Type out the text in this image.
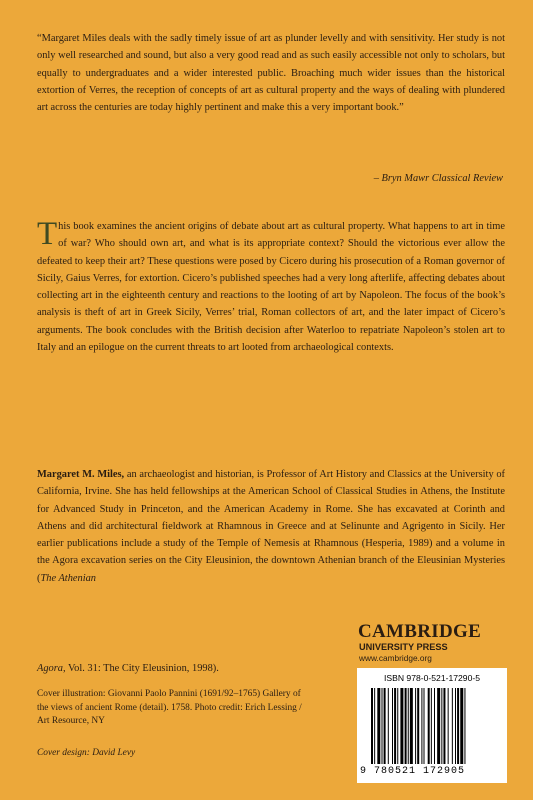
“Margaret Miles deals with the sadly timely issue of art as plunder levelly and with sensitivity. Her study is not only well researched and sound, but also a very good read and as such easily accessible not only to scholars, but equally to undergraduates and a wider interested public. Broaching much wider issues than the historical extortion of Verres, the reception of concepts of art as cultural property and the ways of dealing with plundered art across the centuries are today highly pertinent and make this a very important book.”
– Bryn Mawr Classical Review
This book examines the ancient origins of debate about art as cultural property. What happens to art in time of war? Who should own art, and what is its appropriate context? Should the victorious ever allow the defeated to keep their art? These questions were posed by Cicero during his prosecution of a Roman governor of Sicily, Gaius Verres, for extortion. Cicero’s published speeches had a very long afterlife, affecting debates about collecting art in the eighteenth century and reactions to the looting of art by Napoleon. The focus of the book’s analysis is theft of art in Greek Sicily, Verres’ trial, Roman collectors of art, and the later impact of Cicero’s arguments. The book concludes with the British decision after Waterloo to repatriate Napoleon’s stolen art to Italy and an epilogue on the current threats to art looted from archaeological contexts.
Margaret M. Miles, an archaeologist and historian, is Professor of Art History and Classics at the University of California, Irvine. She has held fellowships at the American School of Classical Studies in Athens, the Institute for Advanced Study in Princeton, and the American Academy in Rome. She has excavated at Corinth and Athens and did architectural fieldwork at Rhamnous in Greece and at Selinunte and Agrigento in Sicily. Her earlier publications include a study of the Temple of Nemesis at Rhamnous (Hesperia, 1989) and a volume in the Agora excavation series on the City Eleusinion, the downtown Athenian branch of the Eleusinian Mysteries (The Athenian
Agora, Vol. 31: The City Eleusinion, 1998).
Cover illustration: Giovanni Paolo Pannini (1691/92–1765) Gallery of the views of ancient Rome (detail). 1758. Photo credit: Erich Lessing / Art Resource, NY
Cover design: David Levy
CAMBRIDGE
UNIVERSITY PRESS
www.cambridge.org
ISBN 978-0-521-17290-5
9 780521 172905
